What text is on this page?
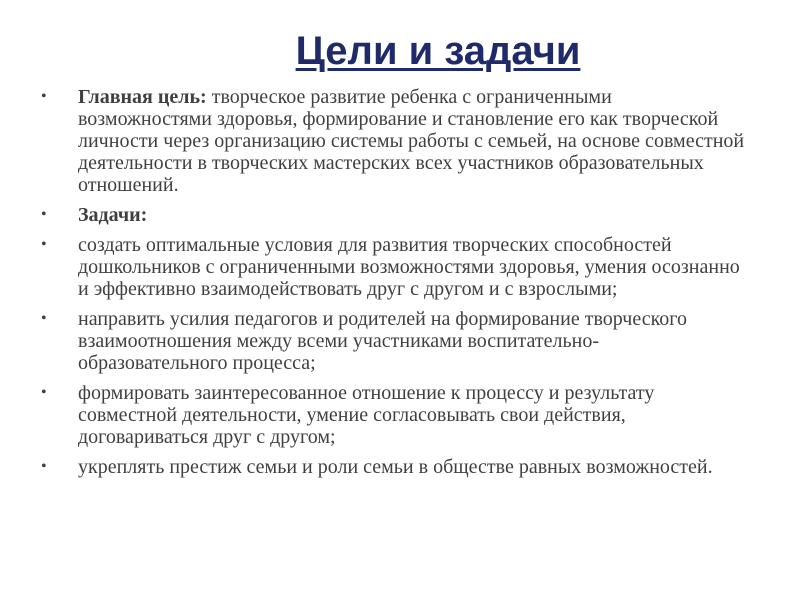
Цели и задачи
• Главная цель: творческое развитие ребенка с ограниченными возможностями здоровья, формирование и становление его как творческой личности через организацию системы работы с семьей, на основе совместной деятельности в творческих мастерских всех участников образовательных отношений.
• Задачи:
• создать оптимальные условия для развития творческих способностей дошкольников с ограниченными возможностями здоровья, умения осознанно и эффективно взаимодействовать друг с другом и с взрослыми;
• направить усилия педагогов и родителей на формирование творческого взаимоотношения между всеми участниками воспитательно-образовательного процесса;
• формировать заинтересованное отношение к процессу и результату совместной деятельности, умение согласовывать свои действия, договариваться друг с другом;
• укреплять престиж семьи и роли семьи в обществе равных возможностей.
